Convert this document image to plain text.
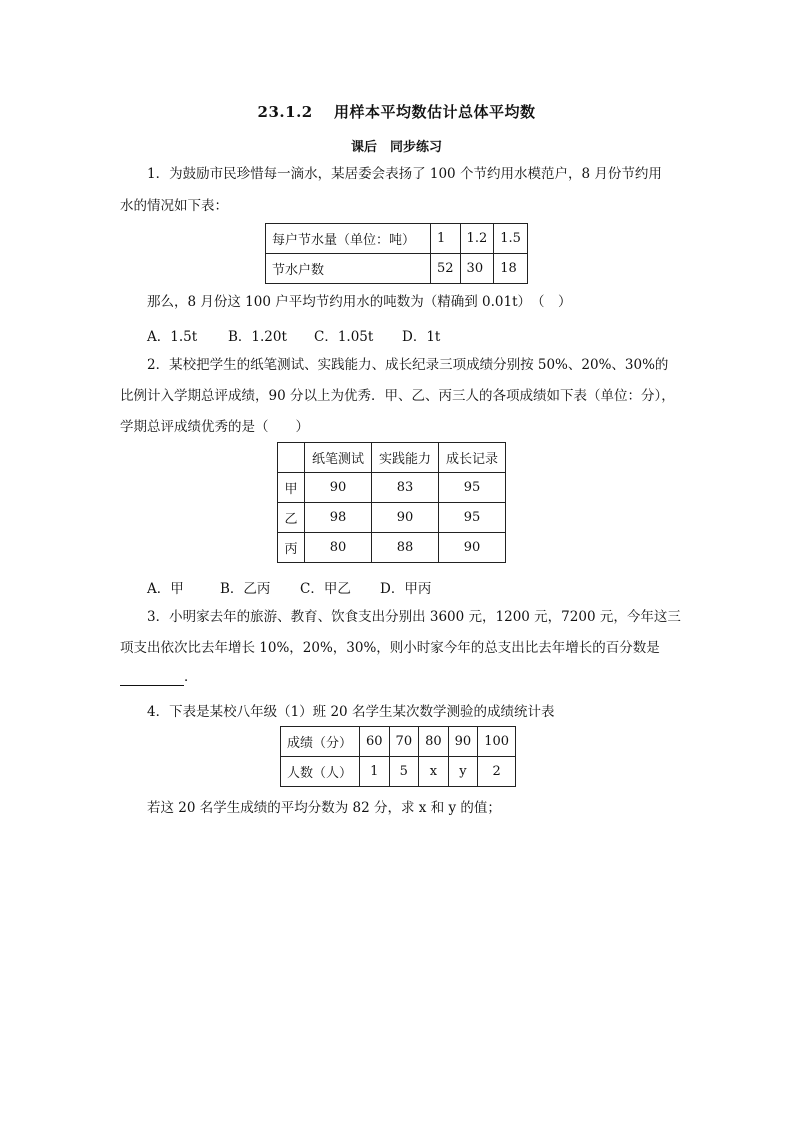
23.1.2　 用样本平均数估计总体平均数
课后　同步练习
1．为鼓励市民珍惜每一滴水，某居委会表扬了 100 个节约用水模范户，8 月份节约用
水的情况如下表：
每户节水量（单位：吨）	1	1.2	1.5
节水户数	52	30	18
那么，8 月份这 100 户平均节约用水的吨数为（精确到 0.01t）　（　）
A．1.5t B．1.20t C．1.05t D．1t
2．某校把学生的纸笔测试、实践能力、成长纪录三项成绩分别按 50%、20%、30%的
比例计入学期总评成绩，90 分以上为优秀．甲、乙、丙三人的各项成绩如下表（单位：分），
学期总评成绩优秀的是（　　）
	纸笔测试	实践能力	成长记录
甲	90	83	95
乙	98	90	95
丙	80	88	90
A．甲	B．乙丙 C．甲乙 D．甲丙
3．小明家去年的旅游、教育、饮食支出分别出 3600 元，1200 元，7200 元，今年这三
项支出依次比去年增长 10%，20%，30%，则小时家今年的总支出比去年增长的百分数是
．
4．下表是某校八年级（1）班 20 名学生某次数学测验的成绩统计表
成绩（分）	60	70	80	90	100
人数（人）	1	5	x	y	2
若这 20 名学生成绩的平均分数为 82 分，求 x 和 y 的值；
